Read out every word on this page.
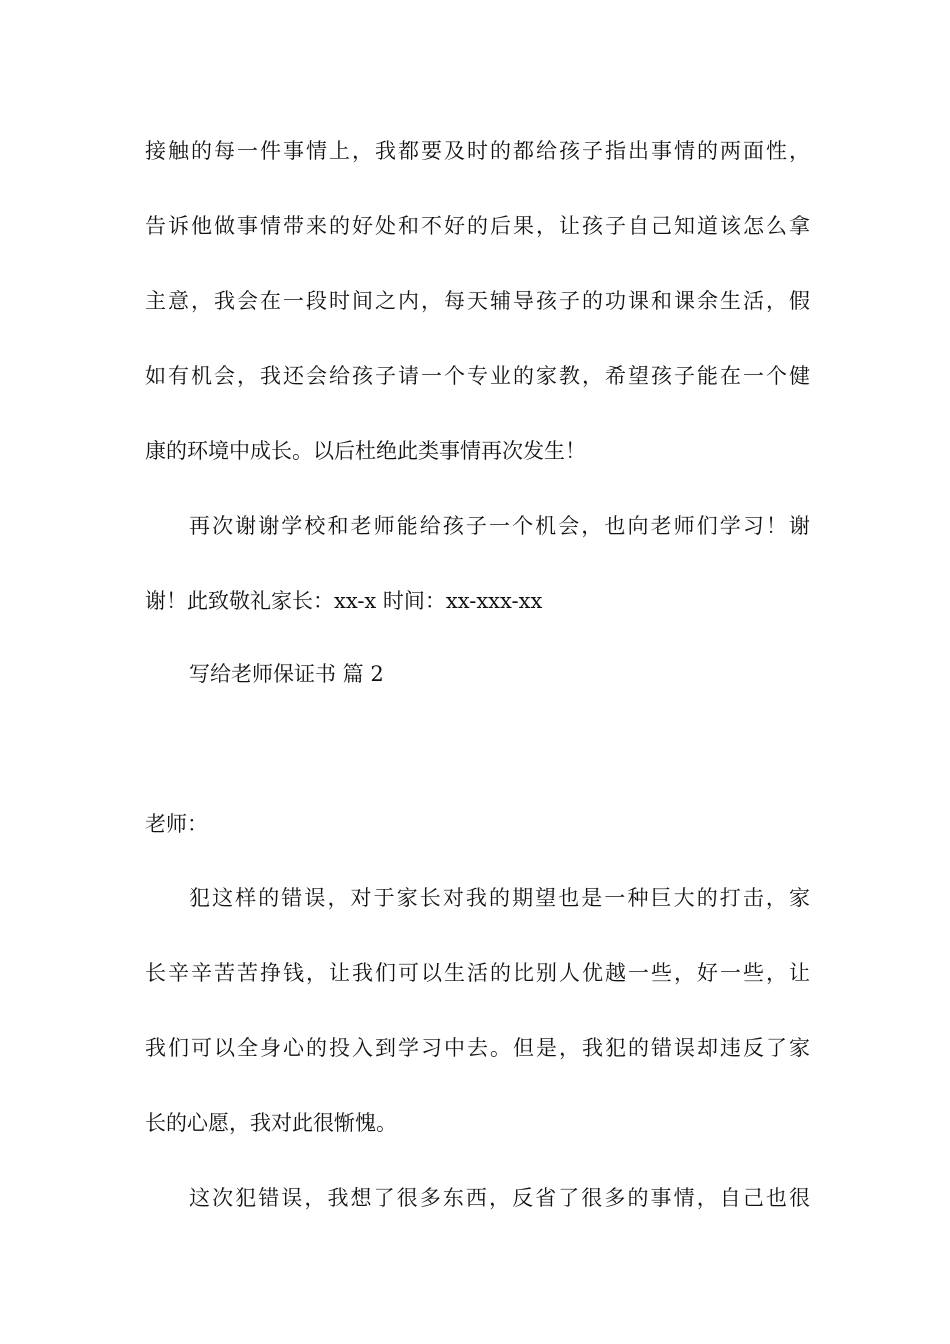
接触的每一件事情上，我都要及时的都给孩子指出事情的两面性，
告诉他做事情带来的好处和不好的后果，让孩子自己知道该怎么拿
主意，我会在一段时间之内，每天辅导孩子的功课和课余生活，假
如有机会，我还会给孩子请一个专业的家教，希望孩子能在一个健
康的环境中成长。以后杜绝此类事情再次发生！
再次谢谢学校和老师能给孩子一个机会，也向老师们学习！谢
谢！此致敬礼家长：xx-x 时间：xx-xxx-xx
写给老师保证书 篇 2
老师：
犯这样的错误，对于家长对我的期望也是一种巨大的打击，家
长辛辛苦苦挣钱，让我们可以生活的比别人优越一些，好一些，让
我们可以全身心的投入到学习中去。但是，我犯的错误却违反了家
长的心愿，我对此很惭愧。
这次犯错误，我想了很多东西，反省了很多的事情，自己也很
